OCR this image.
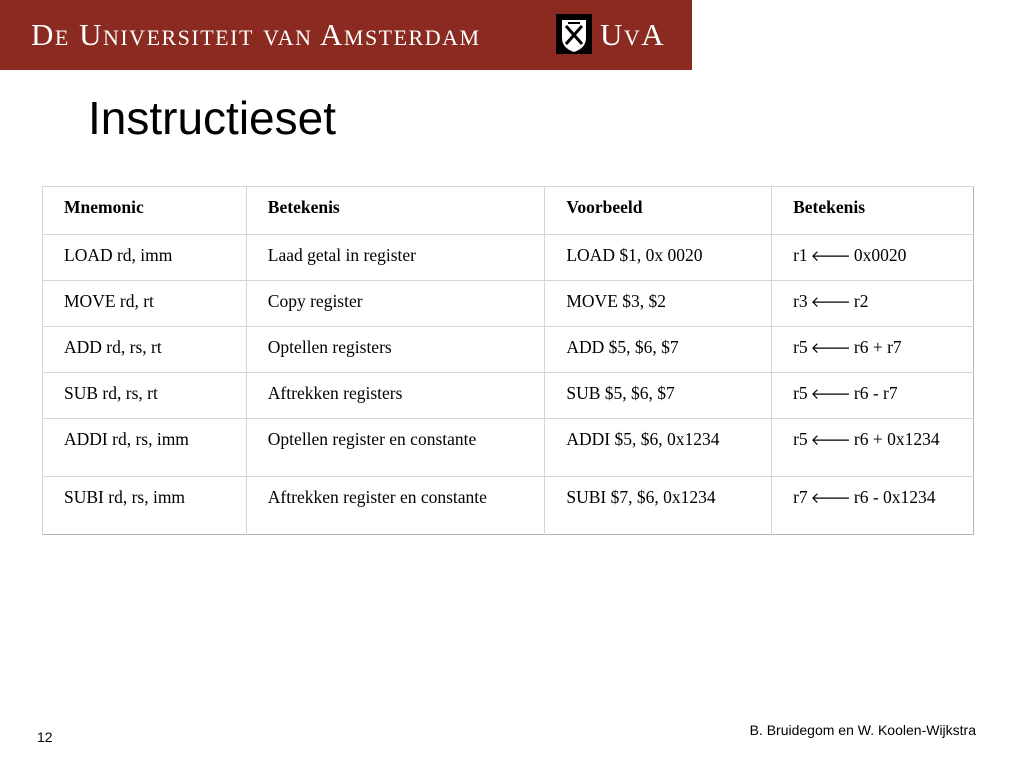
De Universiteit van Amsterdam	UvA
Instructieset
Mnemonic	Betekenis	Voorbeeld	Betekenis
LOAD rd, imm	Laad getal in register	LOAD $1, 0x 0020	r1 🡐 0x0020
MOVE rd, rt	Copy register	MOVE $3, $2	r3 🡐 r2
ADD rd, rs, rt	Optellen registers	ADD $5, $6, $7	r5 🡐 r6 + r7
SUB rd, rs, rt	Aftrekken registers	SUB $5, $6, $7	r5 🡐 r6 - r7
ADDI rd, rs, imm	Optellen register en constante	ADDI $5, $6, 0x1234	r5 🡐 r6 + 0x1234
SUBI rd, rs, imm	Aftrekken register en constante	SUBI $7, $6, 0x1234	r7 🡐 r6 - 0x1234
12	B. Bruidegom en W. Koolen-Wijkstra
